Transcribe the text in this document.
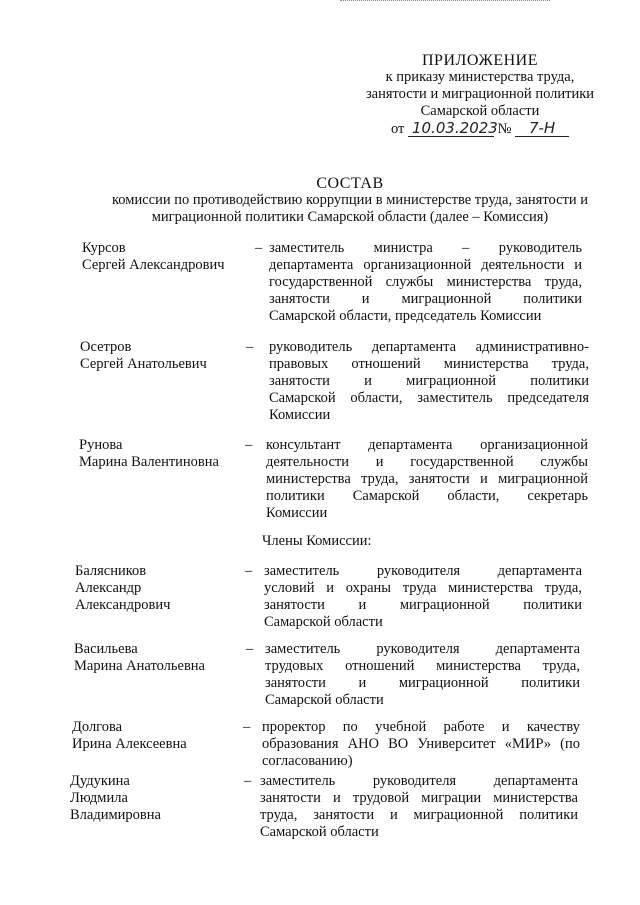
ПРИЛОЖЕНИЕ
к приказу министерства труда,
занятости и миграционной политики
Самарской области
от 10.03.2023 № 7-Н
СОСТАВ
комиссии по противодействию коррупции в министерстве труда, занятости и
миграционной политики Самарской области (далее – Комиссия)
Члены Комиссии:
Курсов
Сергей Александрович
– заместитель министра – руководитель
департамента организационной деятельности и
государственной службы министерства труда,
занятости и миграционной политики
Самарской области, председатель Комиссии
Осетров
Сергей Анатольевич
– руководитель департамента административно-
правовых отношений министерства труда,
занятости и миграционной политики
Самарской области, заместитель председателя
Комиссии
Рунова
Марина Валентиновна
– консультант департамента организационной
деятельности и государственной службы
министерства труда, занятости и миграционной
политики Самарской области, секретарь
Комиссии
Балясников
Александр
Александрович
– заместитель руководителя департамента
условий и охраны труда министерства труда,
занятости и миграционной политики
Самарской области
Васильева
Марина Анатольевна
– заместитель руководителя департамента
трудовых отношений министерства труда,
занятости и миграционной политики
Самарской области
Долгова
Ирина Алексеевна
– проректор по учебной работе и качеству
образования АНО ВО Университет «МИР» (по
согласованию)
Дудукина
Людмила
Владимировна
– заместитель руководителя департамента
занятости и трудовой миграции министерства
труда, занятости и миграционной политики
Самарской области
